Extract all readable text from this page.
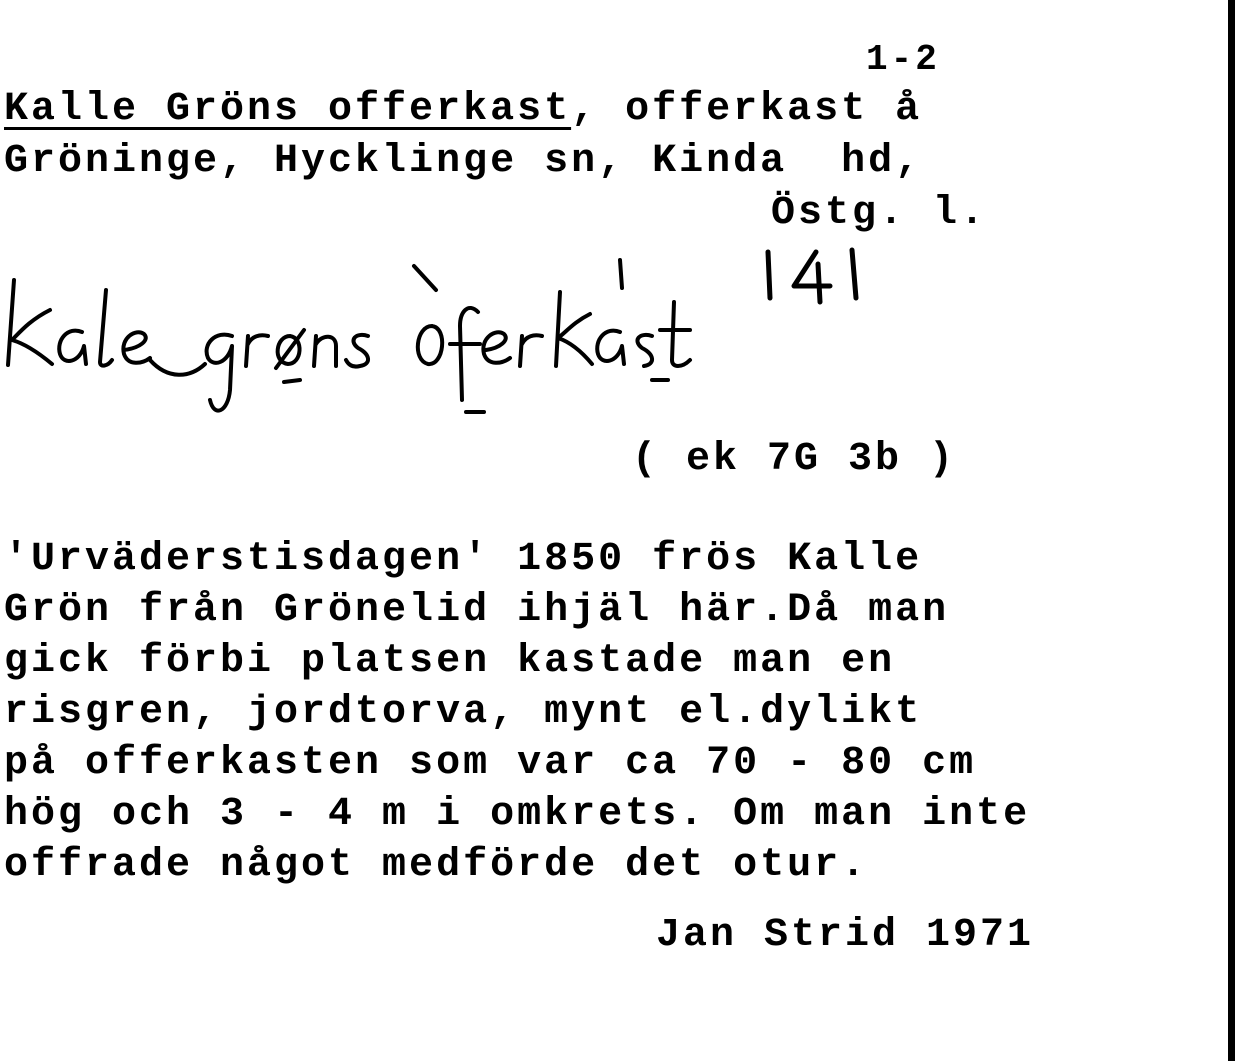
1-2
Kalle Gröns offerkast, offerkast å
Gröninge, Hycklinge sn, Kinda  hd,
Östg. l.
( ek 7G 3b )
'Urväderstisdagen' 1850 frös Kalle
Grön från Grönelid ihjäl här.Då man
gick förbi platsen kastade man en
risgren, jordtorva, mynt el.dylikt
på offerkasten som var ca 70 - 80 cm
hög och 3 - 4 m i omkrets. Om man inte
offrade något medförde det otur.
Jan Strid 1971
